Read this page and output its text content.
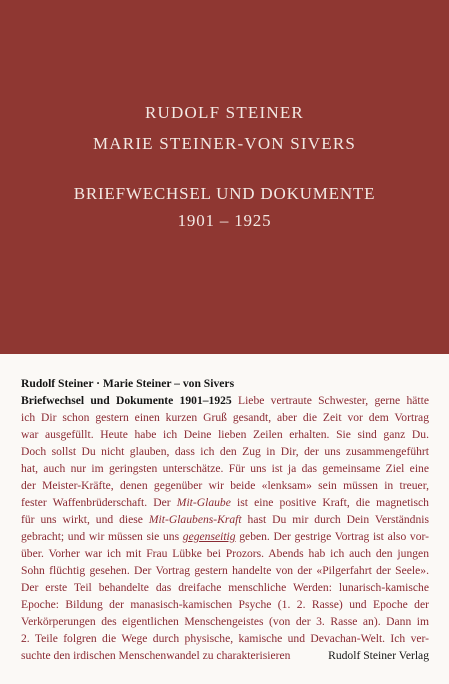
RUDOLF STEINER
MARIE STEINER-VON SIVERS
BRIEFWECHSEL UND DOKUMENTE
1901 – 1925
Rudolf Steiner · Marie Steiner – von Sivers
Briefwechsel und Dokumente 1901–1925 Liebe vertraute Schwester, gerne hätte
ich Dir schon gestern einen kurzen Gruß gesandt, aber die Zeit vor dem Vortrag
war ausgefüllt. Heute habe ich Deine lieben Zeilen erhalten. Sie sind ganz Du.
Doch sollst Du nicht glauben, dass ich den Zug in Dir, der uns zusammengeführt
hat, auch nur im geringsten unterschätze. Für uns ist ja das gemeinsame Ziel eine
der Meister-Kräfte, denen gegenüber wir beide «lenksam» sein müssen in treuer,
fester Waffenbrüderschaft. Der Mit-Glaube ist eine positive Kraft, die magnetisch
für uns wirkt, und diese Mit-Glaubens-Kraft hast Du mir durch Dein Verständnis
gebracht; und wir müssen sie uns gegenseitig geben. Der gestrige Vortrag ist also vor-
über. Vorher war ich mit Frau Lübke bei Prozors. Abends hab ich auch den jungen
Sohn flüchtig gesehen. Der Vortrag gestern handelte von der «Pilgerfahrt der Seele».
Der erste Teil behandelte das dreifache menschliche Werden: lunarisch-kamische
Epoche: Bildung der manasisch-kamischen Psyche (1. 2. Rasse) und Epoche der
Verkörperungen des eigentlichen Menschengeistes (von der 3. Rasse an). Dann im
2. Teile folgren die Wege durch physische, kamische und Devachan-Welt. Ich ver-
suchte den irdischen Menschenwandel zu charakterisieren	Rudolf Steiner Verlag
